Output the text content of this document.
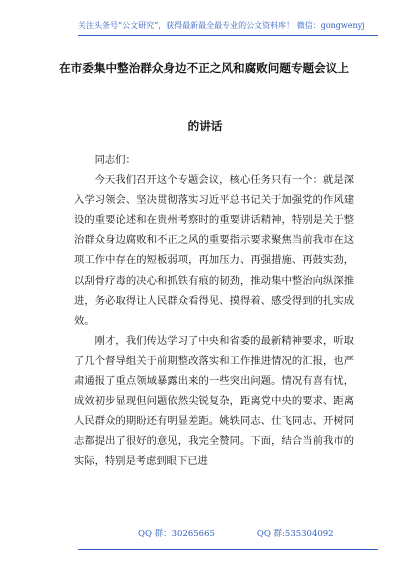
关注头条号“公文研究”，获得最新最全最专业的公文资料库！ 微信：gongwenyj
在市委集中整治群众身边不正之风和腐败问题专题会议上
的讲话

同志们：

今天我们召开这个专题会议，核心任务只有一个：就是深入学习领会、坚决贯彻落实习近平总书记关于加强党的作风建设的重要论述和在贵州考察时的重要讲话精神，特别是关于整治群众身边腐败和不正之风的重要指示要求聚焦当前我市在这项工作中存在的短板弱项，再加压力、再强措施、再鼓实劲，以刮骨疗毒的决心和抓铁有痕的韧劲，推动集中整治向纵深推进，务必取得让人民群众看得见、摸得着、感受得到的扎实成效。

刚才，我们传达学习了中央和省委的最新精神要求，听取了几个督导组关于前期整改落实和工作推进情况的汇报，也严肃通报了重点领域暴露出来的一些突出问题。情况有喜有忧，成效初步显现但问题依然尖锐复杂，距离党中央的要求、距离人民群众的期盼还有明显差距。姚轶同志、仕飞同志、开树同志都提出了很好的意见，我完全赞同。下面，结合当前我市的实际，特别是考虑到眼下已进

QQ 群：30265665	QQ 群:535304092
